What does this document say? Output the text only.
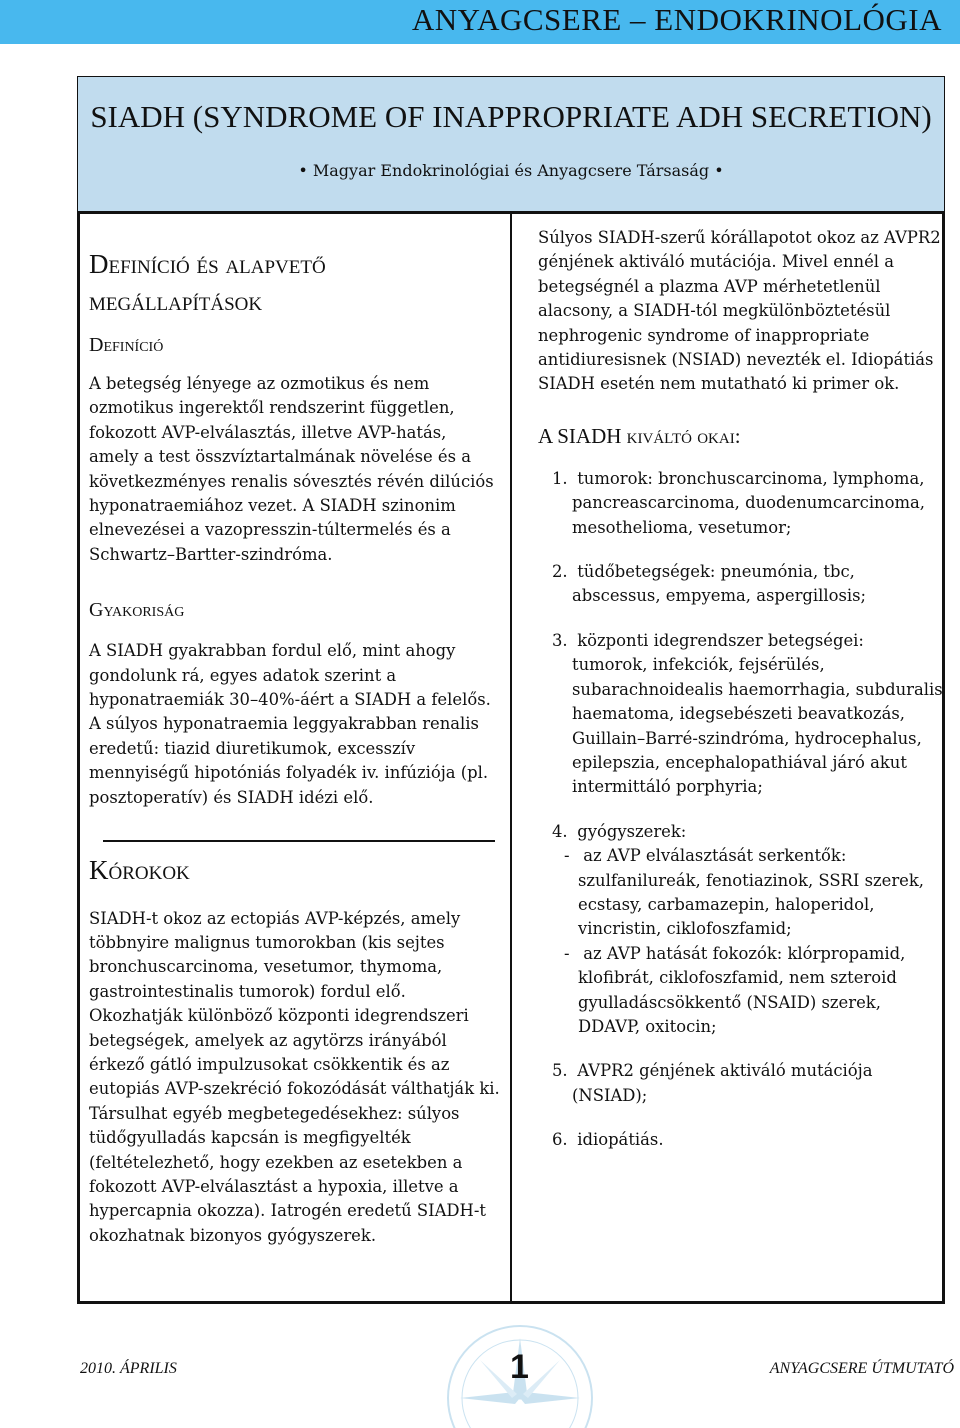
ANYAGCSERE – ENDOKRINOLÓGIA
SIADH (SYNDROME OF INAPPROPRIATE ADH SECRETION)
• Magyar Endokrinológiai és Anyagcsere Társaság •

Definíció és alapvető megállapítások

Definíció

A betegség lényege az ozmotikus és nem ozmotikus ingerektől rendszerint független, fokozott AVP-elválasztás, illetve AVP-hatás, amely a test összvíztartalmának növelése és a következményes renalis sóvesztés révén dilúciós hyponatraemiához vezet. A SIADH szinonim elnevezései a vazopresszin-túltermelés és a Schwartz–Bartter-szindróma.

Gyakoriság

A SIADH gyakrabban fordul elő, mint ahogy gondolunk rá, egyes adatok szerint a hyponatraemiák 30–40%-áért a SIADH a felelős. A súlyos hyponatraemia leggyakrabban renalis eredetű: tiazid diuretikumok, excesszív mennyiségű hipotóniás folyadék iv. infúziója (pl. posztoperatív) és SIADH idézi elő.

Kórokok

SIADH-t okoz az ectopiás AVP-képzés, amely többnyire malignus tumorokban (kis sejtes bronchuscarcinoma, vesetumor, thymoma, gastrointestinalis tumorok) fordul elő. Okozhatják különböző központi idegrendszeri betegségek, amelyek az agytörzs irányából érkező gátló impulzusokat csökkentik és az eutopiás AVP-szekréció fokozódását válthatják ki. Társulhat egyéb megbetegedésekhez: súlyos tüdőgyulladás kapcsán is megfigyelték (feltételezhető, hogy ezekben az esetekben a fokozott AVP-elválasztást a hypoxia, illetve a hypercapnia okozza). Iatrogén eredetű SIADH-t okozhatnak bizonyos gyógyszerek.

Súlyos SIADH-szerű kórállapotot okoz az AVPR2 génjének aktiváló mutációja. Mivel ennél a betegségnél a plazma AVP mérhetetlenül alacsony, a SIADH-tól megkülönböztetésül nephrogenic syndrome of inappropriate antidiuresisnek (NSIAD) nevezték el. Idiopátiás SIADH esetén nem mutatható ki primer ok.

A SIADH kiváltó okai:

1. tumorok: bronchuscarcinoma, lymphoma,
pancreascarcinoma, duodenumcarcinoma, mesothelioma, vesetumor;
2. tüdőbetegségek: pneumónia, tbc,
abscessus, empyema, aspergillosis;
3. központi idegrendszer betegségei:
tumorok, infekciók, fejsérülés, subarachnoidealis haemorrhagia, subduralis haematoma, idegsebészeti beavatkozás, Guillain–Barré-szindróma, hydrocephalus, epilepszia, encephalopathiával járó akut intermittáló porphyria;
4. gyógyszerek:
- az AVP elválasztását serkentők:
szulfanilureák, fenotiazinok, SSRI szerek, ecstasy, carbamazepin, haloperidol, vincristin, ciklofoszfamid;
- az AVP hatását fokozók: klórpropamid,
klofibrát, ciklofoszfamid, nem szteroid gyulladáscsökkentő (NSAID) szerek, DDAVP, oxitocin;
5. AVPR2 génjének aktiváló mutációja
(NSIAD);
6. idiopátiás.
2010. ÁPRILIS	1	ANYAGCSERE ÚTMUTATÓ
